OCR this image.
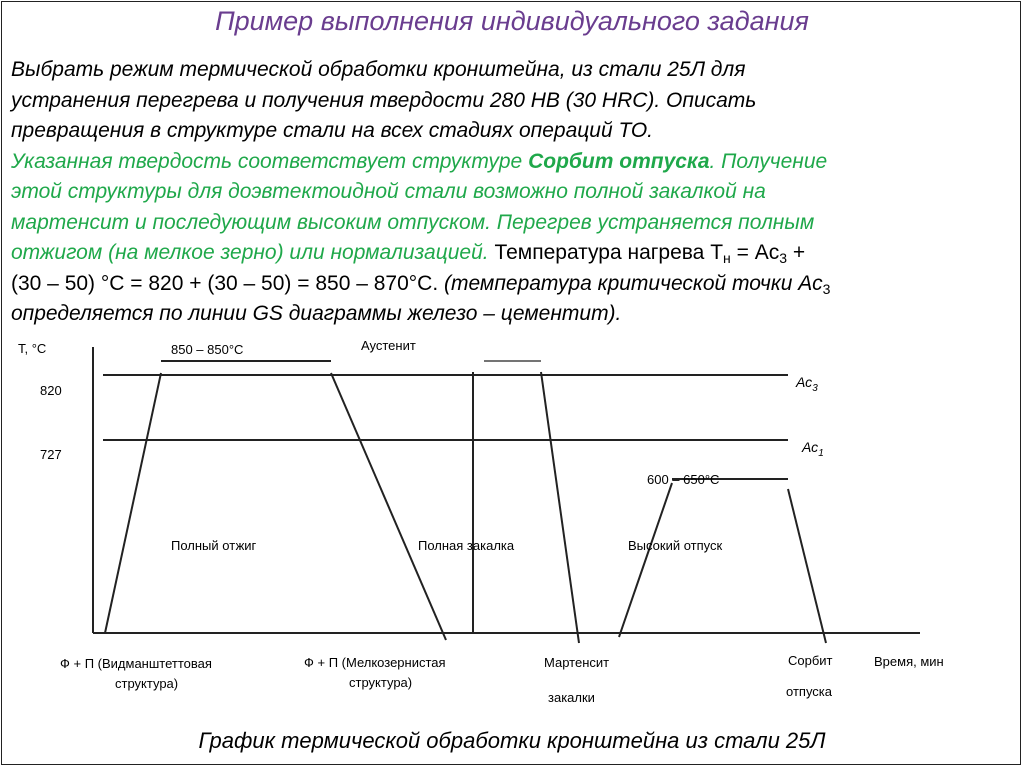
Пример выполнения индивидуального задания
Выбрать режим термической обработки кронштейна, из стали 25Л для
устранения перегрева и получения твердости 280 НВ (30 HRC). Описать
превращения в структуре стали на всех стадиях операций ТО.
Указанная твердость соответствует структуре Сорбит отпуска. Получение
этой структуры для доэвтектоидной стали возможно полной закалкой на
мартенсит и последующим высоким отпуском. Перегрев устраняется полным
отжигом (на мелкое зерно) или нормализацией. Температура нагрева $Т_н = Ас_3$ +
(30 – 50) °С = 820 + (30 – 50) = 850 – 870°С. (температура критической точки $Ас_3$
определяется по линии GS диаграммы железо – цементит).
Т, °С
820
727
850 – 850°С	Аустенит
$Ас_3$
$Ас_1$
600 – 650°С
Полный отжиг	Полная закалка	Высокий отпуск
Ф + П (Видманштеттовая
структура)
Ф + П (Мелкозернистая
структура)
Мартенсит
закалки
Сорбит
отпуска
Время, мин
График термической обработки кронштейна из стали 25Л
